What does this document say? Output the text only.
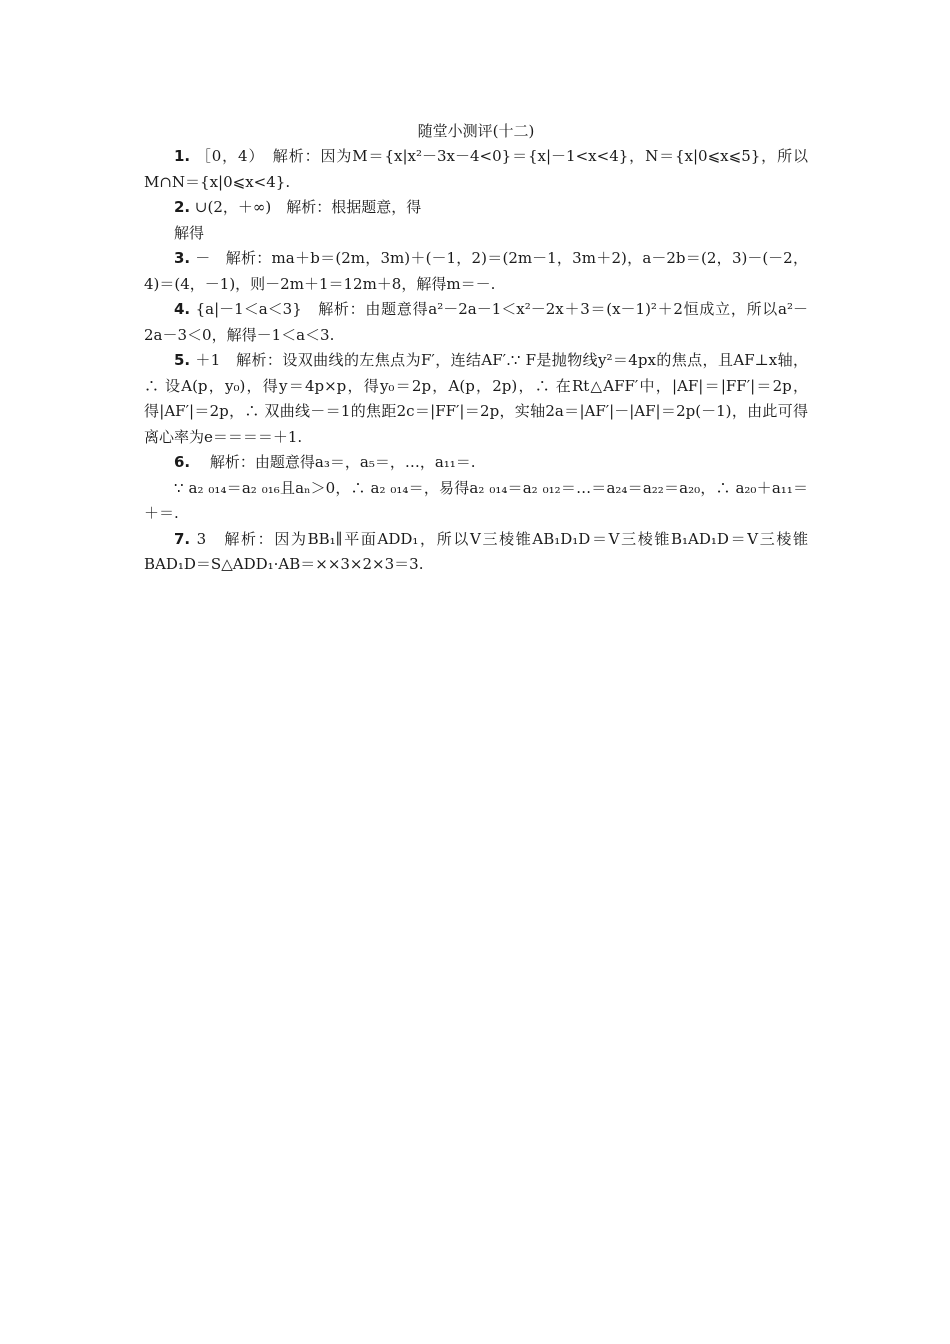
随堂小测评(十二)
1. ［0，4）　解析：因为M＝{x|x²－3x－4<0}＝{x|－1<x<4}，N＝{x|0⩽x⩽5}，所以M∩N＝{x|0⩽x<4}.
2. ∪(2，＋∞)　解析：根据题意，得
解得
3. －　解析：ma＋b＝(2m，3m)＋(－1，2)＝(2m－1，3m＋2)，a－2b＝(2，3)－(－2，4)＝(4，－1)，则－2m＋1＝12m＋8，解得m＝－.
4. {a|－1＜a＜3}　解析：由题意得a²－2a－1＜x²－2x＋3＝(x－1)²＋2恒成立，所以a²－2a－3＜0，解得－1＜a＜3.
5. ＋1　解析：设双曲线的左焦点为F′，连结AF′.∵ F是抛物线y²＝4px的焦点，且AF⊥x轴，∴ 设A(p，y₀)，得y＝4p×p，得y₀＝2p，A(p，2p)，∴ 在Rt△AFF′中，|AF|＝|FF′|＝2p，得|AF′|＝2p，∴ 双曲线－＝1的焦距2c＝|FF′|＝2p，实轴2a＝|AF′|－|AF|＝2p(－1)，由此可得离心率为e＝＝＝＝＋1.
6. 　解析：由题意得a₃＝，a₅＝，…，a₁₁＝.
∵ a₂ ₀₁₄＝a₂ ₀₁₆且aₙ＞0，∴ a₂ ₀₁₄＝，易得a₂ ₀₁₄＝a₂ ₀₁₂＝…＝a₂₄＝a₂₂＝a₂₀，∴ a₂₀＋a₁₁＝＋＝.
7. 3　解析：因为BB₁∥平面ADD₁，所以V三棱锥AB₁D₁D＝V三棱锥B₁AD₁D＝V三棱锥BAD₁D＝S△ADD₁·AB＝××3×2×3＝3.
